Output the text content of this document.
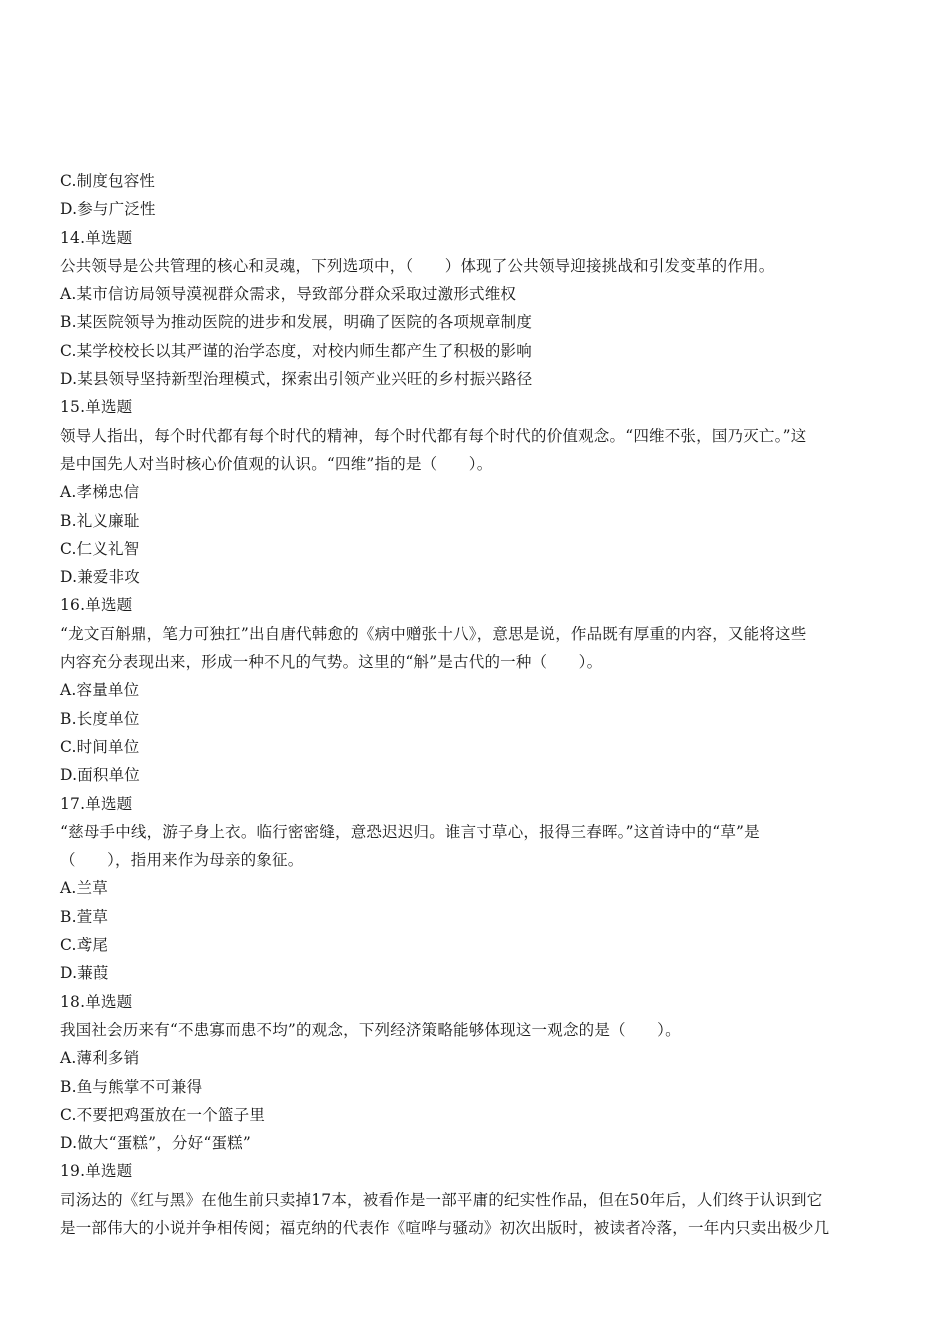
C.制度包容性
D.参与广泛性
14.单选题
公共领导是公共管理的核心和灵魂，下列选项中，（　　）体现了公共领导迎接挑战和引发变革的作用。
A.某市信访局领导漠视群众需求，导致部分群众采取过激形式维权
B.某医院领导为推动医院的进步和发展，明确了医院的各项规章制度
C.某学校校长以其严谨的治学态度，对校内师生都产生了积极的影响
D.某县领导坚持新型治理模式，探索出引领产业兴旺的乡村振兴路径
15.单选题
领导人指出，每个时代都有每个时代的精神，每个时代都有每个时代的价值观念。“四维不张，国乃灭亡。”这
是中国先人对当时核心价值观的认识。“四维”指的是（　　）。
A.孝梯忠信
B.礼义廉耻
C.仁义礼智
D.兼爱非攻
16.单选题
“龙文百斛鼎，笔力可独扛”出自唐代韩愈的《病中赠张十八》，意思是说，作品既有厚重的内容，又能将这些
内容充分表现出来，形成一种不凡的气势。这里的“斛”是古代的一种（　　）。
A.容量单位
B.长度单位
C.时间单位
D.面积单位
17.单选题
“慈母手中线，游子身上衣。临行密密缝，意恐迟迟归。谁言寸草心，报得三春晖。”这首诗中的“草”是
（　　），指用来作为母亲的象征。
A.兰草
B.萱草
C.鸢尾
D.蒹葭
18.单选题
我国社会历来有“不患寡而患不均”的观念，下列经济策略能够体现这一观念的是（　　）。
A.薄利多销
B.鱼与熊掌不可兼得
C.不要把鸡蛋放在一个篮子里
D.做大“蛋糕”，分好“蛋糕”
19.单选题
司汤达的《红与黑》在他生前只卖掉17本，被看作是一部平庸的纪实性作品，但在50年后，人们终于认识到它
是一部伟大的小说并争相传阅；福克纳的代表作《喧哗与骚动》初次出版时，被读者冷落，一年内只卖出极少几
